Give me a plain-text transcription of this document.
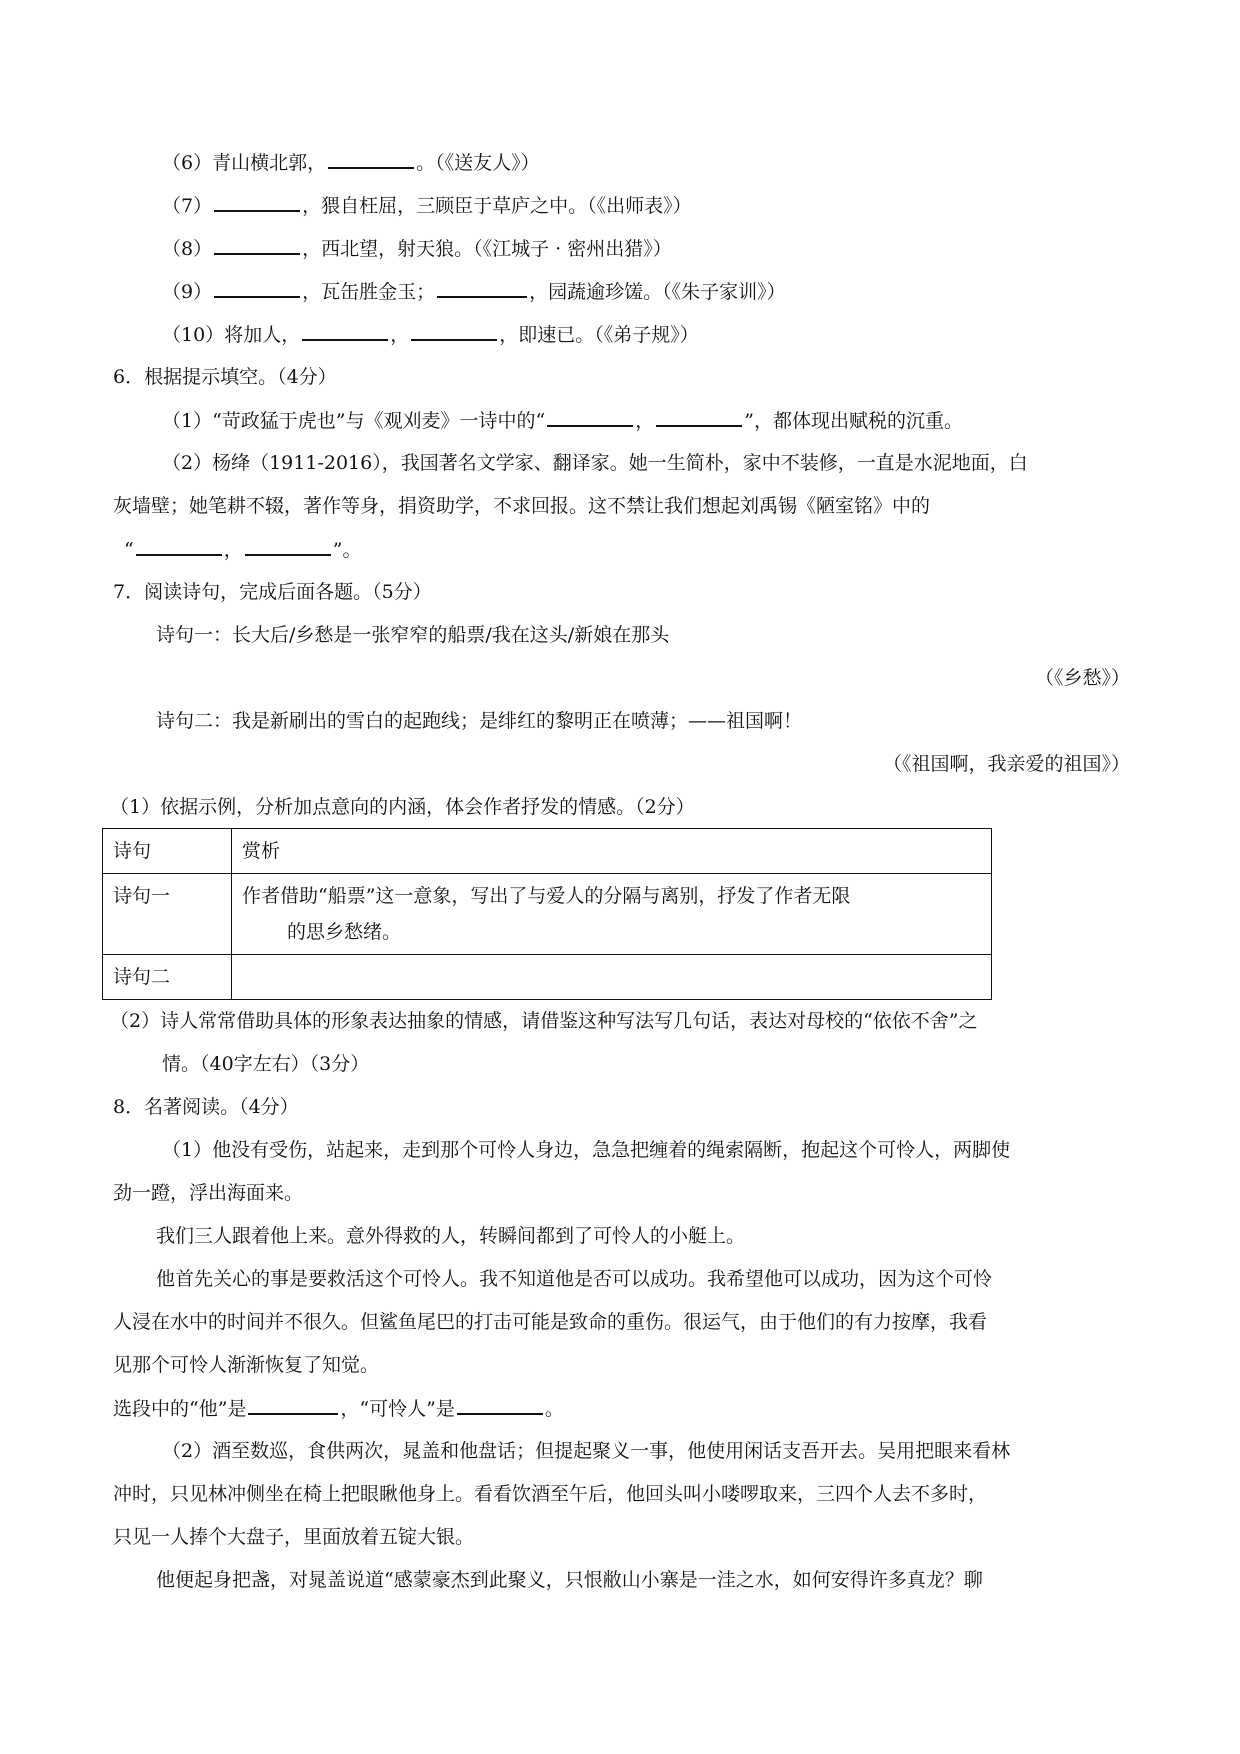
（6）青山横北郭，	。（《送友人》）
（7）	，猥自枉屈，三顾臣于草庐之中。（《出师表》）
（8）	，西北望，射天狼。（《江城子 · 密州出猎》）
（9）	，瓦缶胜金玉；	，园蔬逾珍馐。（《朱子家训》）
（10）将加人，	，	，即速已。（《弟子规》）
6．根据提示填空。（4分）
（1）“苛政猛于虎也”与《观刈麦》一诗中的“	，	”，都体现出赋税的沉重。
（2）杨绛（1911-2016），我国著名文学家、翻译家。她一生简朴，家中不装修，一直是水泥地面，白
灰墙壁；她笔耕不辍，著作等身，捐资助学，不求回报。这不禁让我们想起刘禹锡《陋室铭》中的
“	，	”。
7．阅读诗句，完成后面各题。（5分）
诗句一：长大后/乡愁是一张窄窄的船票/我在这头/新娘在那头
（《乡愁》）
诗句二：我是新刷出的雪白的起跑线；是绯红的黎明正在喷薄；——祖国啊！
（《祖国啊，我亲爱的祖国》）
（1）依据示例，分析加点意向的内涵，体会作者抒发的情感。（2分）
诗句	赏析
诗句一	作者借助“船票”这一意象，写出了与爱人的分隔与离别，抒发了作者无限

的思乡愁绪。

诗句二	
（2）诗人常常借助具体的形象表达抽象的情感，请借鉴这种写法写几句话，表达对母校的“依依不舍”之
情。（40字左右）（3分）
8．名著阅读。（4分）
（1）他没有受伤，站起来，走到那个可怜人身边，急急把缠着的绳索隔断，抱起这个可怜人，两脚使
劲一蹬，浮出海面来。
我们三人跟着他上来。意外得救的人，转瞬间都到了可怜人的小艇上。
他首先关心的事是要救活这个可怜人。我不知道他是否可以成功。我希望他可以成功，因为这个可怜
人浸在水中的时间并不很久。但鲨鱼尾巴的打击可能是致命的重伤。很运气，由于他们的有力按摩，我看
见那个可怜人渐渐恢复了知觉。
选段中的“他”是	，“可怜人”是	。
（2）酒至数巡，食供两次，晁盖和他盘话；但提起聚义一事，他使用闲话支吾开去。吴用把眼来看林
冲时，只见林冲侧坐在椅上把眼瞅他身上。看看饮酒至午后，他回头叫小喽啰取来，三四个人去不多时，
只见一人捧个大盘子，里面放着五锭大银。
他便起身把盏，对晁盖说道“感蒙豪杰到此聚义，只恨敝山小寨是一洼之水，如何安得许多真龙？聊
